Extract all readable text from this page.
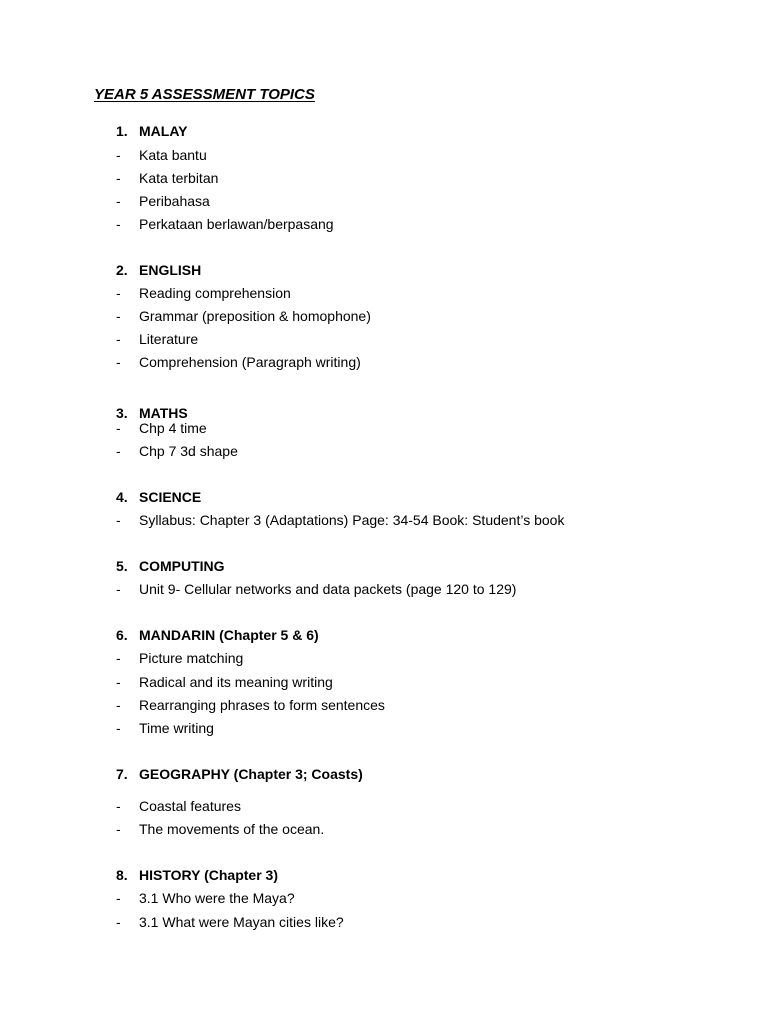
YEAR 5 ASSESSMENT TOPICS
1. MALAY
- Kata bantu
- Kata terbitan
- Peribahasa
- Perkataan berlawan/berpasang
2. ENGLISH
- Reading comprehension
- Grammar (preposition & homophone)
- Literature
- Comprehension (Paragraph writing)
3. MATHS
- Chp 4 time
- Chp 7 3d shape
4. SCIENCE
- Syllabus: Chapter 3 (Adaptations) Page: 34-54 Book: Student’s book
5. COMPUTING
- Unit 9- Cellular networks and data packets (page 120 to 129)
6. MANDARIN (Chapter 5 & 6)
- Picture matching
- Radical and its meaning writing
- Rearranging phrases to form sentences
- Time writing
7. GEOGRAPHY (Chapter 3; Coasts)
- Coastal features
- The movements of the ocean.
8. HISTORY (Chapter 3)
- 3.1 Who were the Maya?
- 3.1 What were Mayan cities like?
